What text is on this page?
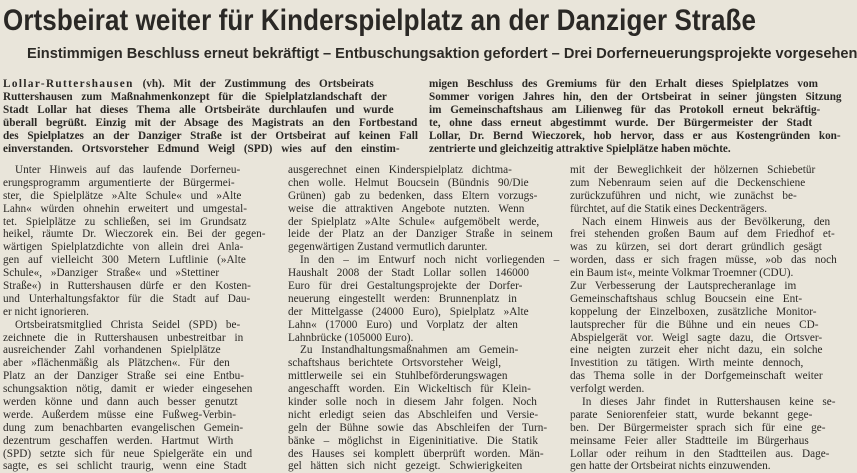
Ortsbeirat weiter für Kinderspielplatz an der Danziger Straße
Einstimmigen Beschluss erneut bekräftigt – Entbuschungsaktion gefordert – Drei Dorferneuerungsprojekte vorgesehen
Lollar-Ruttershausen (vh). Mit der Zustimmung des Ortsbeirats
Ruttershausen zum Maßnahmenkonzept für die Spielplatzlandschaft der
Stadt Lollar hat dieses Thema alle Ortsbeiräte durchlaufen und wurde
überall begrüßt. Einzig mit der Absage des Magistrats an den Fortbestand
des Spielplatzes an der Danziger Straße ist der Ortsbeirat auf keinen Fall
einverstanden. Ortsvorsteher Edmund Weigl (SPD) wies auf den einstim-
migen Beschluss des Gremiums für den Erhalt dieses Spielplatzes vom
Sommer vorigen Jahres hin, den der Ortsbeirat in seiner jüngsten Sitzung
im Gemeinschaftshaus am Lilienweg für das Protokoll erneut bekräftig-
te, ohne dass erneut abgestimmt wurde. Der Bürgermeister der Stadt
Lollar, Dr. Bernd Wieczorek, hob hervor, dass er aus Kostengründen kon-
zentrierte und gleichzeitig attraktive Spielplätze haben möchte.
Unter Hinweis auf das laufende Dorferneu-
erungsprogramm argumentierte der Bürgermei-
ster, die Spielplätze »Alte Schule« und »Alte
Lahn« würden ohnehin erweitert und umgestal-
tet. Spielplätze zu schließen, sei im Grundsatz
heikel, räumte Dr. Wieczorek ein. Bei der gegen-
wärtigen Spielplatzdichte von allein drei Anla-
gen auf vielleicht 300 Metern Luftlinie (»Alte
Schule«, »Danziger Straße« und »Stettiner
Straße«) in Ruttershausen dürfe er den Kosten-
und Unterhaltungsfaktor für die Stadt auf Dau-
er nicht ignorieren.
Ortsbeiratsmitglied Christa Seidel (SPD) be-
zeichnete die in Ruttershausen unbestreitbar in
ausreichender Zahl vorhandenen Spielplätze
aber »flächenmäßig als Plätzchen«. Für den
Platz an der Danziger Straße sei eine Entbu-
schungsaktion nötig, damit er wieder eingesehen
werden könne und dann auch besser genutzt
werde. Außerdem müsse eine Fußweg-Verbin-
dung zum benachbarten evangelischen Gemein-
dezentrum geschaffen werden. Hartmut Wirth
(SPD) setzte sich für neue Spielgeräte ein und
sagte, es sei schlicht traurig, wenn eine Stadt
ausgerechnet einen Kinderspielplatz dichtma-
chen wolle. Helmut Boucsein (Bündnis 90/Die
Grünen) gab zu bedenken, dass Eltern vorzugs-
weise die attraktiven Angebote nutzten. Wenn
der Spielplatz »Alte Schule« aufgemöbelt werde,
leide der Platz an der Danziger Straße in seinem
gegenwärtigen Zustand vermutlich darunter.
In den – im Entwurf noch nicht vorliegenden –
Haushalt 2008 der Stadt Lollar sollen 146000
Euro für drei Gestaltungsprojekte der Dorfer-
neuerung eingestellt werden: Brunnenplatz in
der Mittelgasse (24000 Euro), Spielplatz »Alte
Lahn« (17000 Euro) und Vorplatz der alten
Lahnbrücke (105000 Euro).
Zu Instandhaltungsmaßnahmen am Gemein-
schaftshaus berichtete Ortsvorsteher Weigl,
mittlerweile sei ein Stuhlbeförderungswagen
angeschafft worden. Ein Wickeltisch für Klein-
kinder solle noch in diesem Jahr folgen. Noch
nicht erledigt seien das Abschleifen und Versie-
geln der Bühne sowie das Abschleifen der Turn-
bänke – möglichst in Eigeninitiative. Die Statik
des Hauses sei komplett überprüft worden. Män-
gel hätten sich nicht gezeigt. Schwierigkeiten
mit der Beweglichkeit der hölzernen Schiebetür
zum Nebenraum seien auf die Deckenschiene
zurückzuführen und nicht, wie zunächst be-
fürchtet, auf die Statik eines Deckenträgers.
Nach einem Hinweis aus der Bevölkerung, den
frei stehenden großen Baum auf dem Friedhof et-
was zu kürzen, sei dort derart gründlich gesägt
worden, dass er sich fragen müsse, »ob das noch
ein Baum ist«, meinte Volkmar Troemner (CDU).
Zur Verbesserung der Lautsprecheranlage im
Gemeinschaftshaus schlug Boucsein eine Ent-
koppelung der Einzelboxen, zusätzliche Monitor-
lautsprecher für die Bühne und ein neues CD-
Abspielgerät vor. Weigl sagte dazu, die Ortsver-
eine neigten zurzeit eher nicht dazu, ein solche
Investition zu tätigen. Wirth meinte dennoch,
das Thema solle in der Dorfgemeinschaft weiter
verfolgt werden.
In dieses Jahr findet in Ruttershausen keine se-
parate Seniorenfeier statt, wurde bekannt gege-
ben. Der Bürgermeister sprach sich für eine ge-
meinsame Feier aller Stadtteile im Bürgerhaus
Lollar oder reihum in den Stadtteilen aus. Dage-
gen hatte der Ortsbeirat nichts einzuwenden.
